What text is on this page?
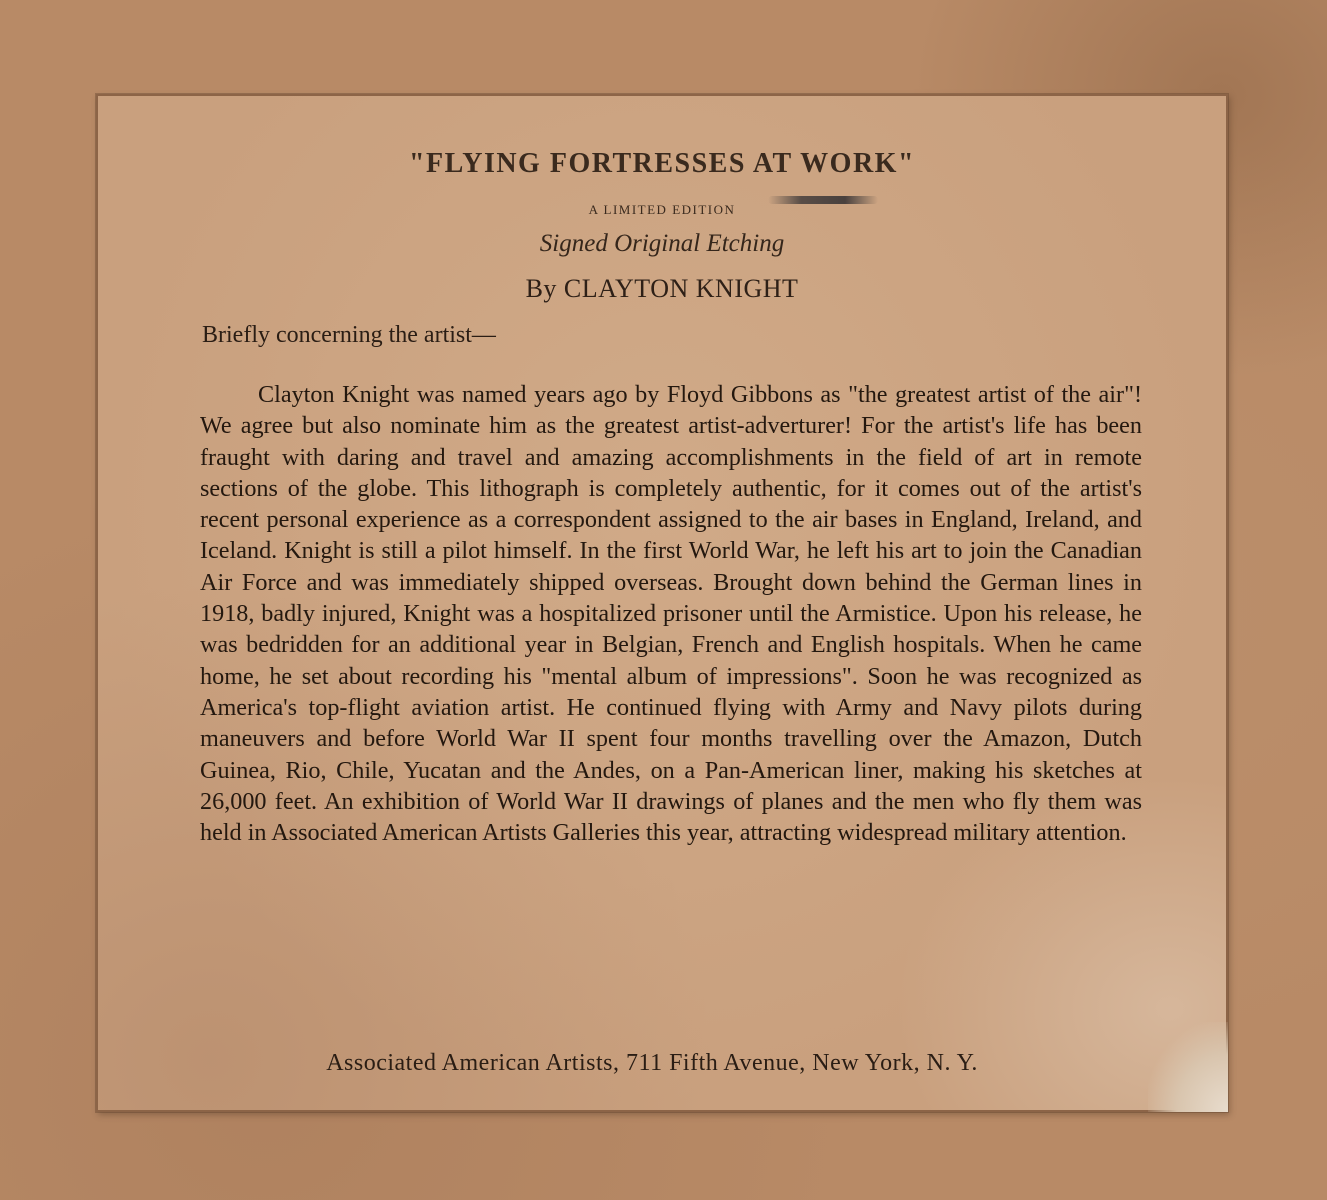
"FLYING FORTRESSES AT WORK"
A LIMITED EDITION
Signed Original Etching
By CLAYTON KNIGHT
Briefly concerning the artist—

Clayton Knight was named years ago by Floyd Gibbons as "the greatest artist of the air"! We agree but also nominate him as the greatest artist-adverturer! For the artist's life has been fraught with daring and travel and amazing accomplishments in the field of art in remote sections of the globe. This lithograph is completely authentic, for it comes out of the artist's recent personal experience as a correspondent assigned to the air bases in England, Ireland, and Iceland. Knight is still a pilot himself. In the first World War, he left his art to join the Canadian Air Force and was immediately shipped overseas. Brought down behind the German lines in 1918, badly injured, Knight was a hospitalized prisoner until the Armistice. Upon his release, he was bedridden for an additional year in Belgian, French and English hospitals. When he came home, he set about recording his "mental album of impressions". Soon he was recognized as America's top-flight aviation artist. He continued flying with Army and Navy pilots during maneuvers and before World War II spent four months travelling over the Amazon, Dutch Guinea, Rio, Chile, Yucatan and the Andes, on a Pan-American liner, making his sketches at 26,000 feet. An exhibition of World War II drawings of planes and the men who fly them was held in Associated American Artists Galleries this year, attracting widespread military attention.

Associated American Artists, 711 Fifth Avenue, New York, N. Y.
